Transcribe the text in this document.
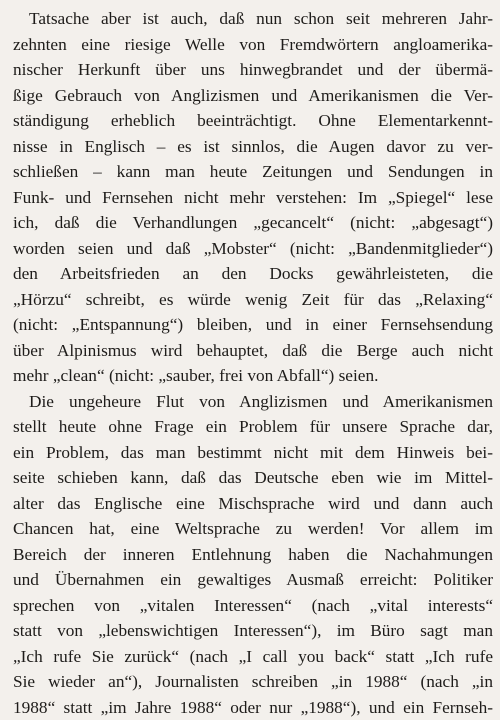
Tatsache aber ist auch, daß nun schon seit mehreren Jahr-
zehnten eine riesige Welle von Fremdwörtern angloamerika-
nischer Herkunft über uns hinwegbrandet und der übermä-
ßige Gebrauch von Anglizismen und Amerikanismen die Ver-
ständigung erheblich beeinträchtigt. Ohne Elementarkennt-
nisse in Englisch – es ist sinnlos, die Augen davor zu ver-
schließen – kann man heute Zeitungen und Sendungen in
Funk- und Fernsehen nicht mehr verstehen: Im „Spiegel“ lese
ich, daß die Verhandlungen „gecancelt“ (nicht: „abgesagt“)
worden seien und daß „Mobster“ (nicht: „Bandenmitglieder“)
den Arbeitsfrieden an den Docks gewährleisteten, die
„Hörzu“ schreibt, es würde wenig Zeit für das „Relaxing“
(nicht: „Entspannung“) bleiben, und in einer Fernsehsendung
über Alpinismus wird behauptet, daß die Berge auch nicht
mehr „clean“ (nicht: „sauber, frei von Abfall“) seien.
Die ungeheure Flut von Anglizismen und Amerikanismen
stellt heute ohne Frage ein Problem für unsere Sprache dar,
ein Problem, das man bestimmt nicht mit dem Hinweis bei-
seite schieben kann, daß das Deutsche eben wie im Mittel-
alter das Englische eine Mischsprache wird und dann auch
Chancen hat, eine Weltsprache zu werden! Vor allem im
Bereich der inneren Entlehnung haben die Nachahmungen
und Übernahmen ein gewaltiges Ausmaß erreicht: Politiker
sprechen von „vitalen Interessen“ (nach „vital interests“
statt von „lebenswichtigen Interessen“), im Büro sagt man
„Ich rufe Sie zurück“ (nach „I call you back“ statt „Ich rufe
Sie wieder an“), Journalisten schreiben „in 1988“ (nach „in
1988“ statt „im Jahre 1988“ oder nur „1988“), und ein Fernseh-
